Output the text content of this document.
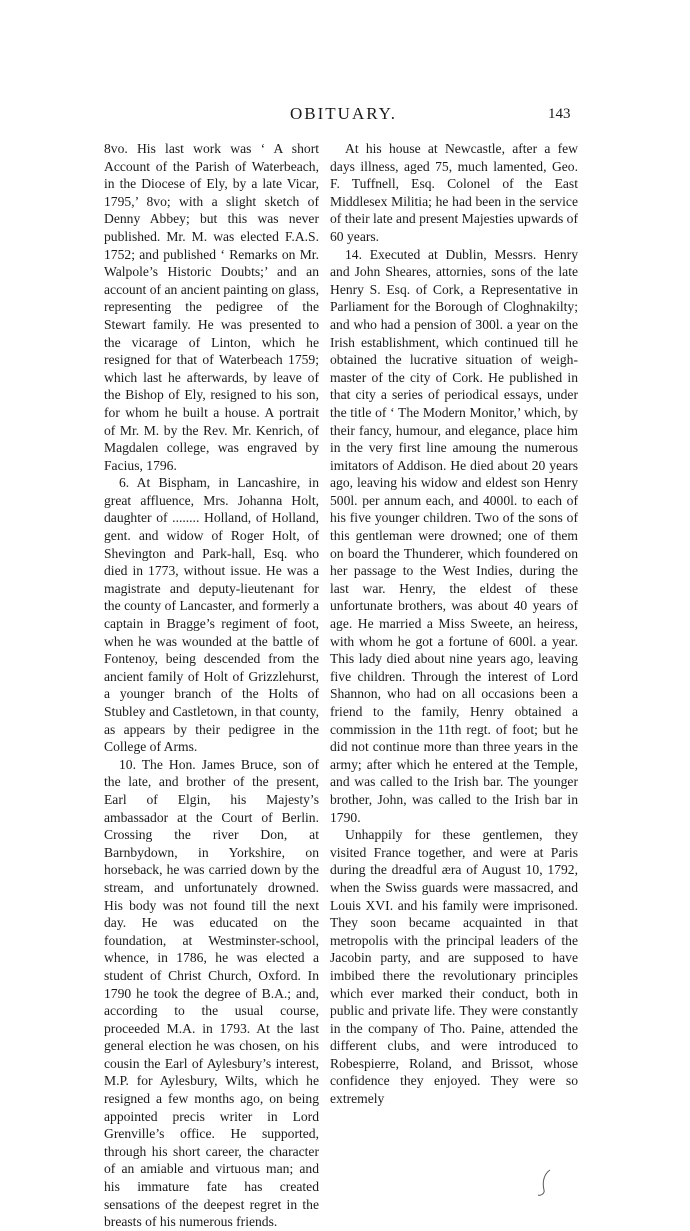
OBITUARY.	143

8vo. His last work was ‘ A short Account of the Parish of Waterbeach, in the Diocese of Ely, by a late Vicar, 1795,’ 8vo; with a slight sketch of Denny Abbey; but this was never published. Mr. M. was elected F.A.S. 1752; and published ‘ Remarks on Mr. Walpole’s Historic Doubts;’ and an account of an ancient painting on glass, representing the pedigree of the Stewart family. He was presented to the vicarage of Linton, which he resigned for that of Waterbeach 1759; which last he afterwards, by leave of the Bishop of Ely, resigned to his son, for whom he built a house. A portrait of Mr. M. by the Rev. Mr. Kenrich, of Magdalen college, was engraved by Facius, 1796.

6. At Bispham, in Lancashire, in great affluence, Mrs. Johanna Holt, daughter of ........ Holland, of Holland, gent. and widow of Roger Holt, of Shevington and Park-hall, Esq. who died in 1773, without issue. He was a magistrate and deputy-lieutenant for the county of Lancaster, and formerly a captain in Bragge’s regiment of foot, when he was wounded at the battle of Fontenoy, being descended from the ancient family of Holt of Grizzlehurst, a younger branch of the Holts of Stubley and Castletown, in that county, as appears by their pedigree in the College of Arms.

10. The Hon. James Bruce, son of the late, and brother of the present, Earl of Elgin, his Majesty’s ambassador at the Court of Berlin. Crossing the river Don, at Barnbydown, in Yorkshire, on horseback, he was carried down by the stream, and unfortunately drowned. His body was not found till the next day. He was educated on the foundation, at Westminster-school, whence, in 1786, he was elected a student of Christ Church, Oxford. In 1790 he took the degree of B.A.; and, according to the usual course, proceeded M.A. in 1793. At the last general election he was chosen, on his cousin the Earl of Aylesbury’s interest, M.P. for Aylesbury, Wilts, which he resigned a few months ago, on being appointed precis writer in Lord Grenville’s office. He supported, through his short career, the character of an amiable and virtuous man; and his immature fate has created sensations of the deepest regret in the breasts of his numerous friends.

At his house at Newcastle, after a few days illness, aged 75, much lamented, Geo. F. Tuffnell, Esq. Colonel of the East Middlesex Militia; he had been in the service of their late and present Majesties upwards of 60 years.

14. Executed at Dublin, Messrs. Henry and John Sheares, attornies, sons of the late Henry S. Esq. of Cork, a Representative in Parliament for the Borough of Cloghnakilty; and who had a pension of 300l. a year on the Irish establishment, which continued till he obtained the lucrative situation of weigh-master of the city of Cork. He published in that city a series of periodical essays, under the title of ‘ The Modern Monitor,’ which, by their fancy, humour, and elegance, place him in the very first line amoung the numerous imitators of Addison. He died about 20 years ago, leaving his widow and eldest son Henry 500l. per annum each, and 4000l. to each of his five younger children. Two of the sons of this gentleman were drowned; one of them on board the Thunderer, which foundered on her passage to the West Indies, during the last war. Henry, the eldest of these unfortunate brothers, was about 40 years of age. He married a Miss Sweete, an heiress, with whom he got a fortune of 600l. a year. This lady died about nine years ago, leaving five children. Through the interest of Lord Shannon, who had on all occasions been a friend to the family, Henry obtained a commission in the 11th regt. of foot; but he did not continue more than three years in the army; after which he entered at the Temple, and was called to the Irish bar. The younger brother, John, was called to the Irish bar in 1790.

Unhappily for these gentlemen, they visited France together, and were at Paris during the dreadful æra of August 10, 1792, when the Swiss guards were massacred, and Louis XVI. and his family were imprisoned. They soon became acquainted in that metropolis with the principal leaders of the Jacobin party, and are supposed to have imbibed there the revolutionary principles which ever marked their conduct, both in public and private life. They were constantly in the company of Tho. Paine, attended the different clubs, and were introduced to Robespierre, Roland, and Brissot, whose confidence they enjoyed. They were so extremely
